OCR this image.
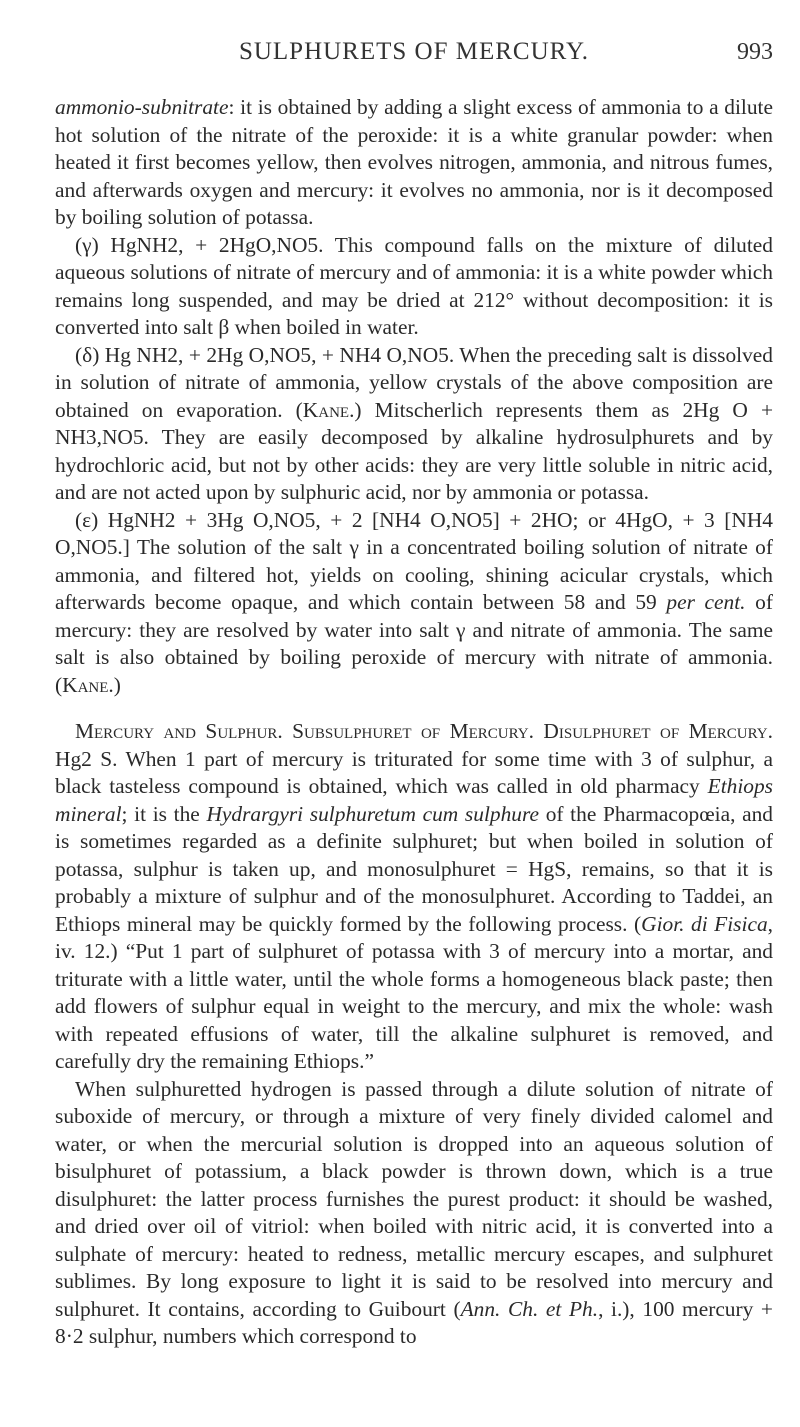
SULPHURETS OF MERCURY.	993

ammonio-subnitrate: it is obtained by adding a slight excess of ammonia to a dilute hot solution of the nitrate of the peroxide: it is a white granular powder: when heated it first becomes yellow, then evolves nitrogen, ammonia, and nitrous fumes, and afterwards oxygen and mercury: it evolves no ammonia, nor is it decomposed by boiling solution of potassa.

(γ) HgNH2, + 2HgO,NO5. This compound falls on the mixture of diluted aqueous solutions of nitrate of mercury and of ammonia: it is a white powder which remains long suspended, and may be dried at 212° without decomposition: it is converted into salt β when boiled in water.

(δ) Hg NH2, + 2Hg O,NO5, + NH4 O,NO5. When the preceding salt is dissolved in solution of nitrate of ammonia, yellow crystals of the above composition are obtained on evaporation. (Kane.) Mitscherlich represents them as 2Hg O + NH3,NO5. They are easily decomposed by alkaline hydrosulphurets and by hydrochloric acid, but not by other acids: they are very little soluble in nitric acid, and are not acted upon by sulphuric acid, nor by ammonia or potassa.

(ε) HgNH2 + 3Hg O,NO5, + 2 [NH4 O,NO5] + 2HO; or 4HgO, + 3 [NH4 O,NO5.] The solution of the salt γ in a concentrated boiling solution of nitrate of ammonia, and filtered hot, yields on cooling, shining acicular crystals, which afterwards become opaque, and which contain between 58 and 59 per cent. of mercury: they are resolved by water into salt γ and nitrate of ammonia. The same salt is also obtained by boiling peroxide of mercury with nitrate of ammonia. (Kane.)

Mercury and Sulphur. Subsulphuret of Mercury. Disulphuret of Mercury. Hg2 S. When 1 part of mercury is triturated for some time with 3 of sulphur, a black tasteless compound is obtained, which was called in old pharmacy Ethiops mineral; it is the Hydrargyri sulphuretum cum sulphure of the Pharmacopœia, and is sometimes regarded as a definite sulphuret; but when boiled in solution of potassa, sulphur is taken up, and monosulphuret = HgS, remains, so that it is probably a mixture of sulphur and of the monosulphuret. According to Taddei, an Ethiops mineral may be quickly formed by the following process. (Gior. di Fisica, iv. 12.) “Put 1 part of sulphuret of potassa with 3 of mercury into a mortar, and triturate with a little water, until the whole forms a homogeneous black paste; then add flowers of sulphur equal in weight to the mercury, and mix the whole: wash with repeated effusions of water, till the alkaline sulphuret is removed, and carefully dry the remaining Ethiops.”

When sulphuretted hydrogen is passed through a dilute solution of nitrate of suboxide of mercury, or through a mixture of very finely divided calomel and water, or when the mercurial solution is dropped into an aqueous solution of bisulphuret of potassium, a black powder is thrown down, which is a true disulphuret: the latter process furnishes the purest product: it should be washed, and dried over oil of vitriol: when boiled with nitric acid, it is converted into a sulphate of mercury: heated to redness, metallic mercury escapes, and sulphuret sublimes. By long exposure to light it is said to be resolved into mercury and sulphuret. It contains, according to Guibourt (Ann. Ch. et Ph., i.), 100 mercury + 8·2 sulphur, numbers which correspond to
